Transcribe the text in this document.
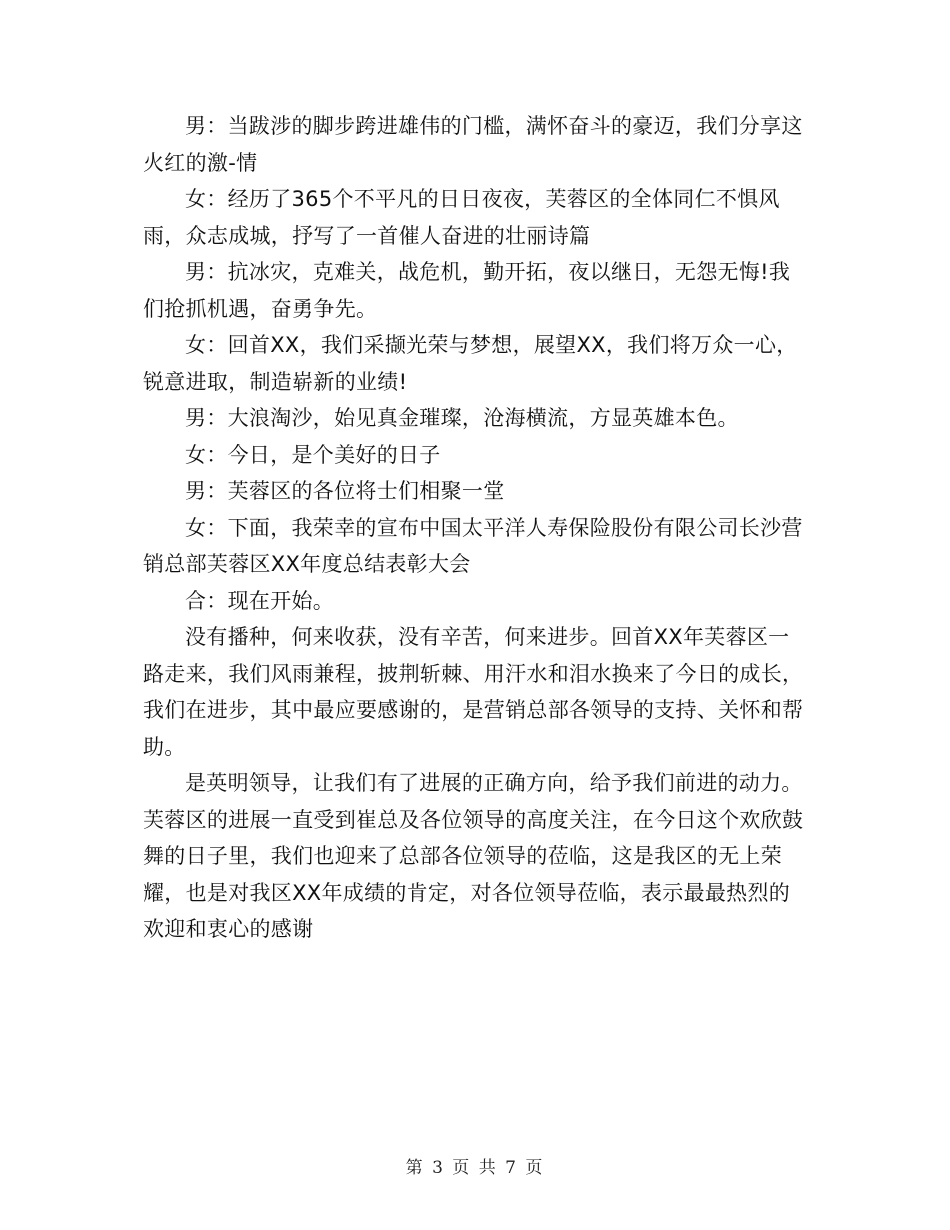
男：当跋涉的脚步跨进雄伟的门槛，满怀奋斗的豪迈，我们分享这火红的激-情

女：经历了365个不平凡的日日夜夜，芙蓉区的全体同仁不惧风雨，众志成城，抒写了一首催人奋进的壮丽诗篇

男：抗冰灾，克难关，战危机，勤开拓，夜以继日，无怨无悔!我们抢抓机遇，奋勇争先。

女：回首XX，我们采撷光荣与梦想，展望XX，我们将万众一心，锐意进取，制造崭新的业绩!

男：大浪淘沙，始见真金璀璨，沧海横流，方显英雄本色。

女：今日，是个美好的日子

男：芙蓉区的各位将士们相聚一堂

女：下面，我荣幸的宣布中国太平洋人寿保险股份有限公司长沙营销总部芙蓉区XX年度总结表彰大会

合：现在开始。

没有播种，何来收获，没有辛苦，何来进步。回首XX年芙蓉区一路走来，我们风雨兼程，披荆斩棘、用汗水和泪水换来了今日的成长，我们在进步，其中最应要感谢的，是营销总部各领导的支持、关怀和帮助。

是英明领导，让我们有了进展的正确方向，给予我们前进的动力。芙蓉区的进展一直受到崔总及各位领导的高度关注，在今日这个欢欣鼓舞的日子里，我们也迎来了总部各位领导的莅临，这是我区的无上荣耀，也是对我区XX年成绩的肯定，对各位领导莅临，表示最最热烈的欢迎和衷心的感谢

第 3 页 共 7 页
